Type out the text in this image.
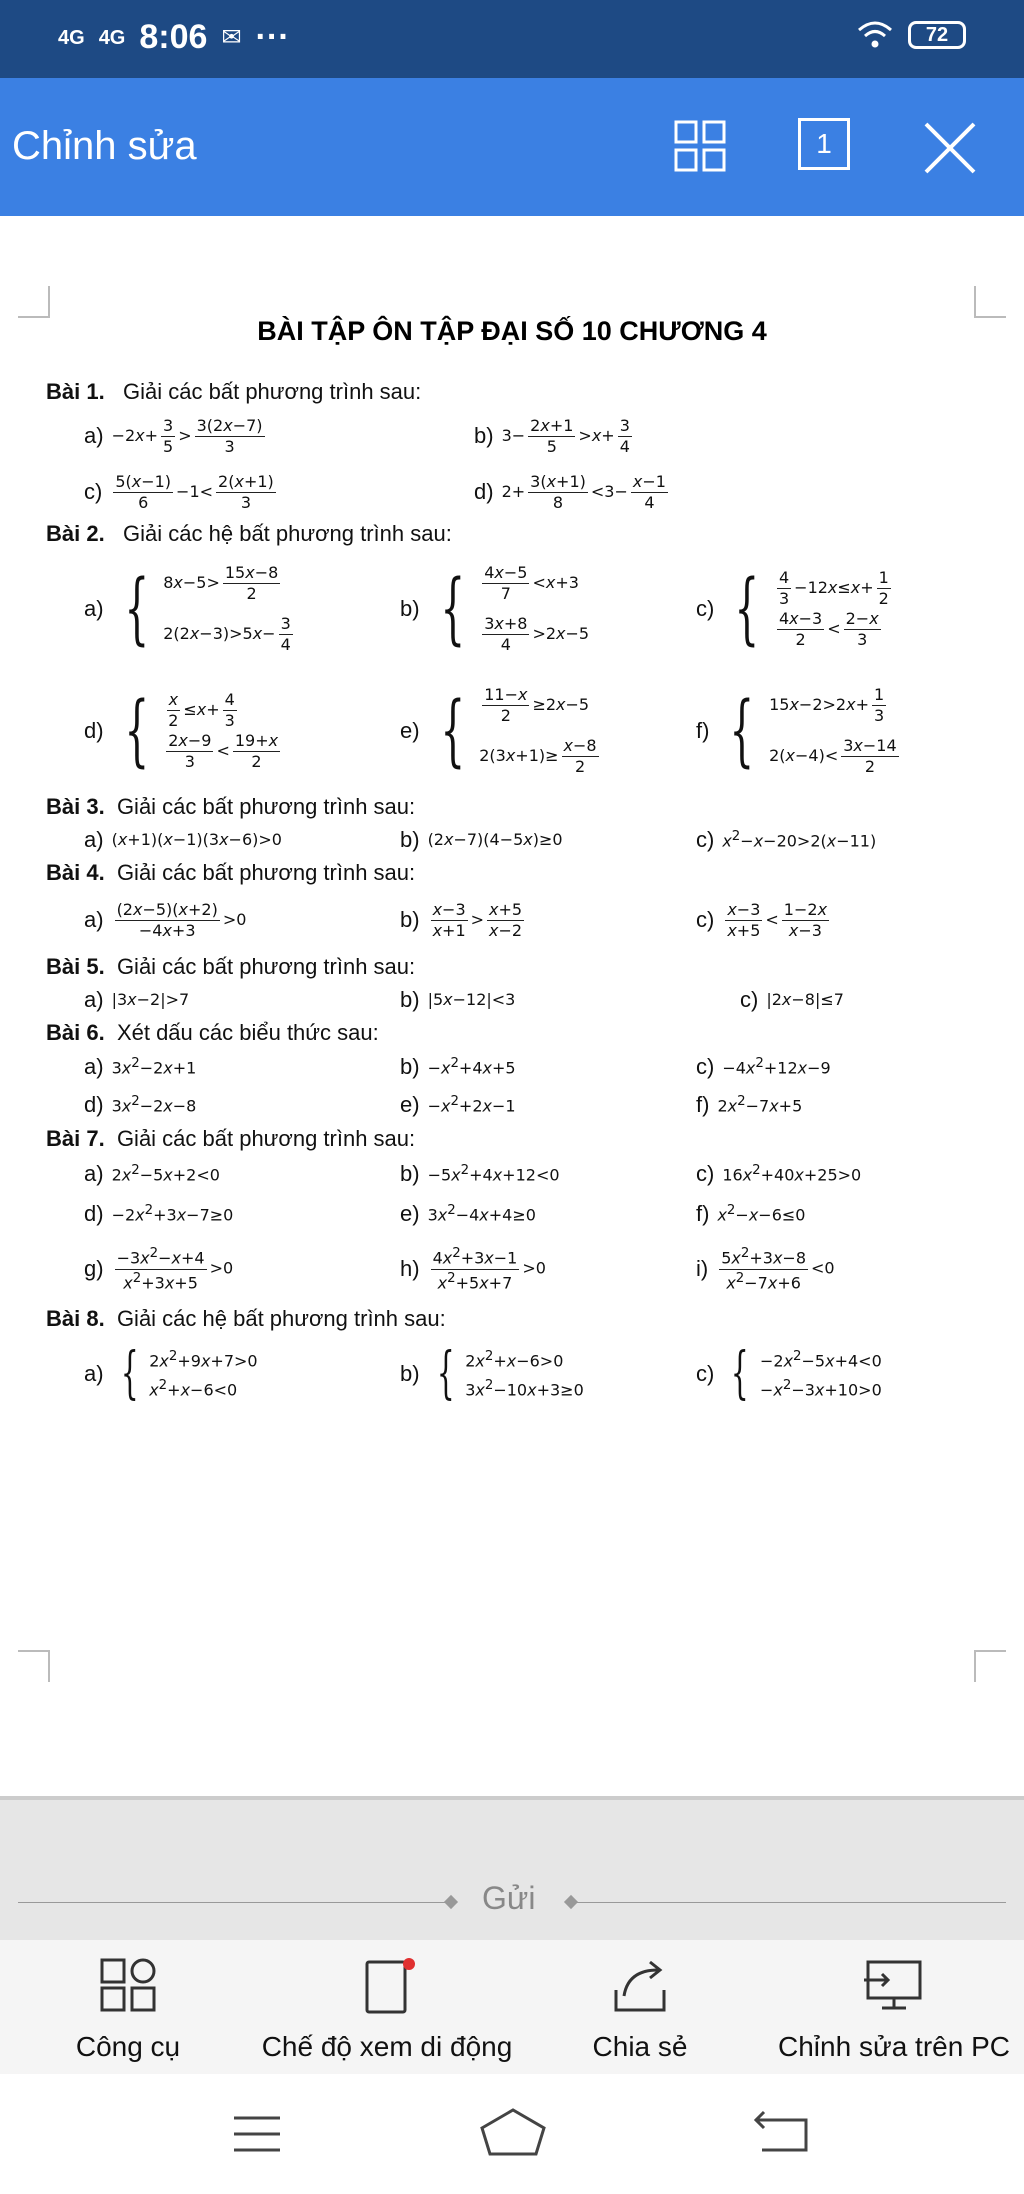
4G 4G 8:06 ✉ ···	72
Chỉnh sửa	1
BÀI TẬP ÔN TẬP ĐẠI SỐ 10 CHƯƠNG 4
Bài 1.
Giải các bất phương trình sau:
$a) -2x+ \frac{3}{5} > \frac{3(2x-7)}{3}$	b) $3- \frac{2x+1}{5} >x+ \frac{3}{4}$
$c) \frac{5(x-1)}{6} -1< \frac{2(x+1)}{3}$	d) $2+ \frac{3(x+1)}{8} <3- \frac{x-1}{4}$
Bài 2.
Giải các hệ bất phương trình sau:
a) { $8x-5> \frac{15x-8}{2}$
$2(2x-3)>5x- \frac{3}{4}$
b) { $\frac{4x-5}{7} <x+3$
$\frac{3x+8}{4} >2x-5$
c) { $\frac{4}{3} -12x\le x+ \frac{1}{2}$
$\frac{4x-3}{2} < \frac{2-x}{3}$
d) { $\frac{x}{2} \le x+ \frac{4}{3}$
$\frac{2x-9}{3} < \frac{19+x}{2}$
e) { $\frac{11-x}{2} \ge 2x-5$
$2(3x+1)\ge \frac{x-8}{2}$
f) { $15x-2>2x+ \frac{1}{3}$
$2(x-4)< \frac{3x-14}{2}$
Bài 3.
Giải các bất phương trình sau:
a) (x+1)(x−1)(3x−6)>0	b) (2x−7)(4−5x)≥0	c) $x^2-x-20>2(x-11)$
Bài 4.
Giải các bất phương trình sau:
$a) \frac{(2x-5)(x+2)}{-4x+3} >0$	$b) \frac{x-3}{x+1} > \frac{x+5}{x-2}$	$c) \frac{x-3}{x+5} < \frac{1-2x}{x-3}$
Bài 5.
Giải các bất phương trình sau:
a) |3x−2|>7	b) |5x−12|<3	c) |2x−8|≤7
Bài 6.
Xét dấu các biểu thức sau:
a) $3x^2-2x+1$	$b) -x^2+4x+5$	$c) -4x^2+12x-9$
d) $3x^2-2x-8$	$e) -x^2+2x-1$	f) $2x^2-7x+5$
Bài 7.
Giải các bất phương trình sau:
a) $2x^2-5x+2<0$	$b) -5x^2+4x+12<0$	c) $16x^2+40x+25>0$
$d) -2x^2+3x-7\ge 0$	e) $3x^2-4x+4\ge 0$	f) $x^2-x-6\le 0$
$g) \frac{-3x^2-x+4}{x^2+3x+5} >0$	$h) \frac{4x^2+3x-1}{x^2+5x+7} >0$	$i) \frac{5x^2+3x-8}{x^2-7x+6} <0$
Bài 8.
Giải các hệ bất phương trình sau:
a) { $2x^2+9x+7>0$
$x^2+x-6<0$
b) { $2x^2+x-6>0$
$3x^2-10x+3\ge 0$
c) { $-2x^2-5x+4<0$
$-x^2-3x+10>0$
Gửi
Công cụ	Chế độ xem di động	Chia sẻ	Chỉnh sửa trên PC
